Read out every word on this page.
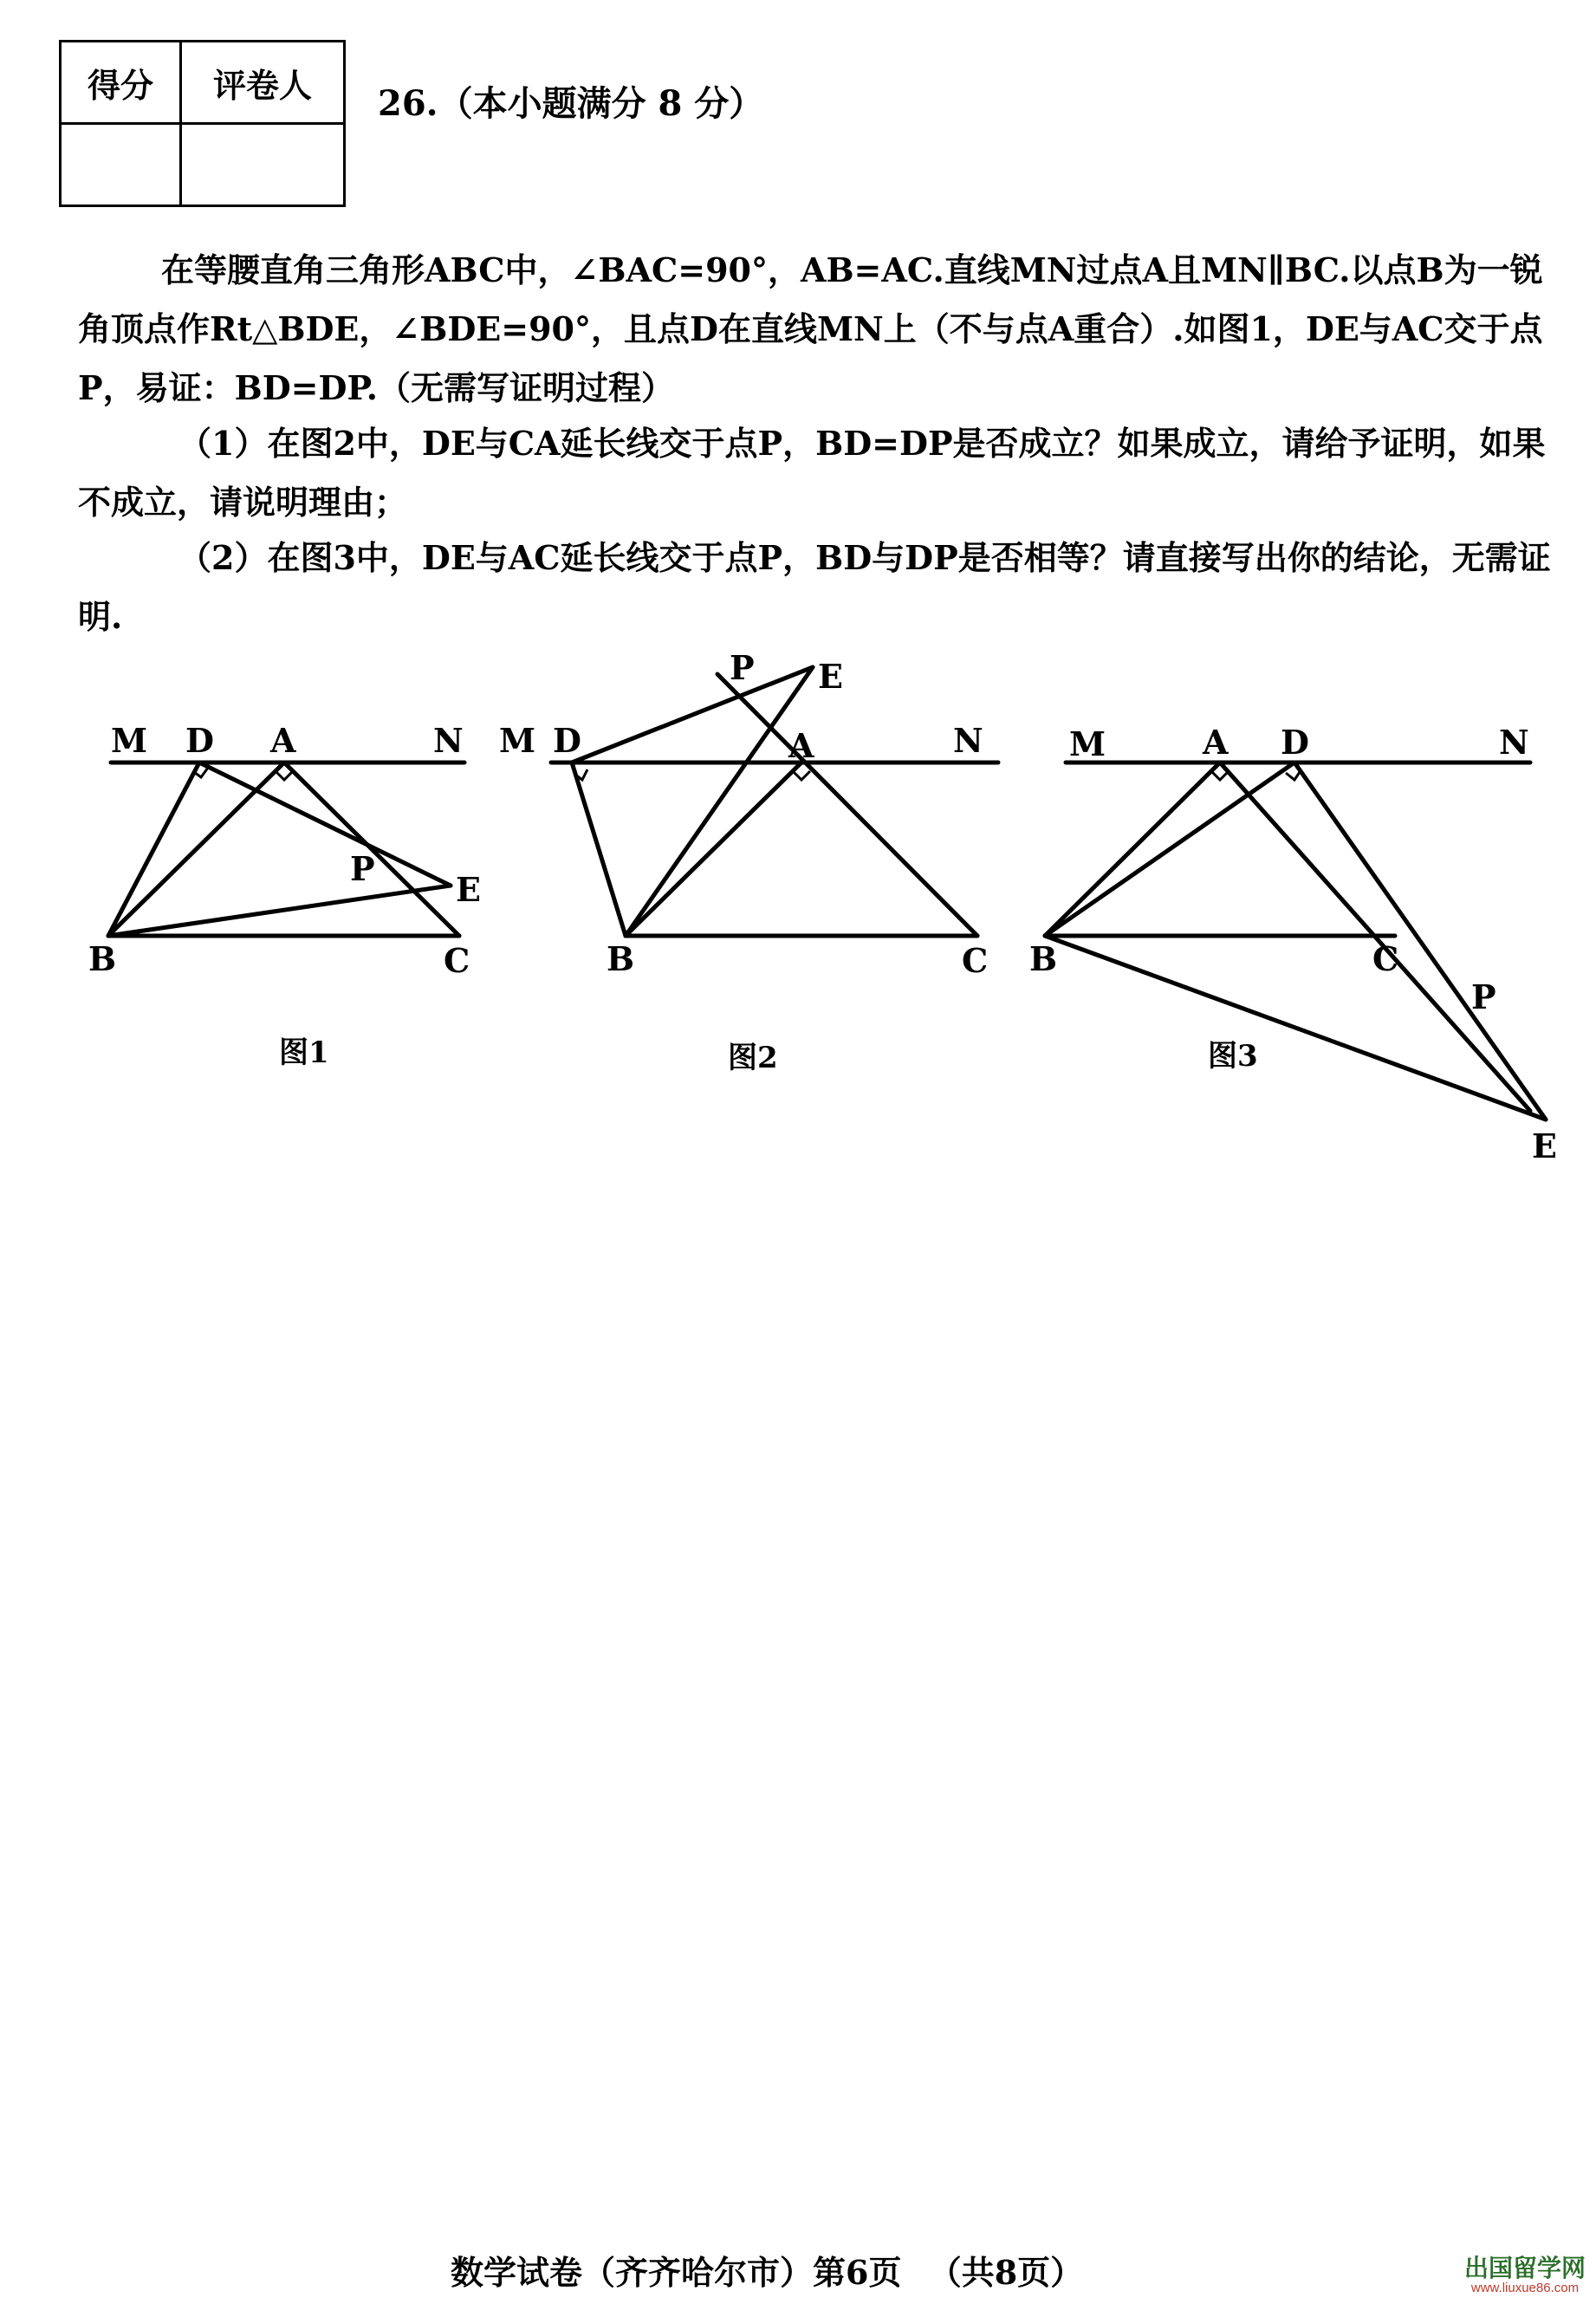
得分	评卷人
	26.（本小题满分 8 分）

在等腰直角三角形ABC中，∠BAC=90°，AB=AC.直线MN过点A且MN∥BC.以点B为一锐角顶点作Rt△BDE，∠BDE=90°，且点D在直线MN上（不与点A重合）.如图1，DE与AC交于点P，易证：BD=DP.（无需写证明过程）

（1）在图2中，DE与CA延长线交于点P，BD=DP是否成立？如果成立，请给予证明，如果不成立，请说明理由；

（2）在图3中，DE与AC延长线交于点P，BD与DP是否相等？请直接写出你的结论，无需证明.

M D A	N
P
E
B	C
图1
M D	A	N
P E
B	C
图2
M	A D	N
P
E
B	C
图3
数学试卷（齐齐哈尔市）第6页 （共8页）	出国留学网
www.liuxue86.com
